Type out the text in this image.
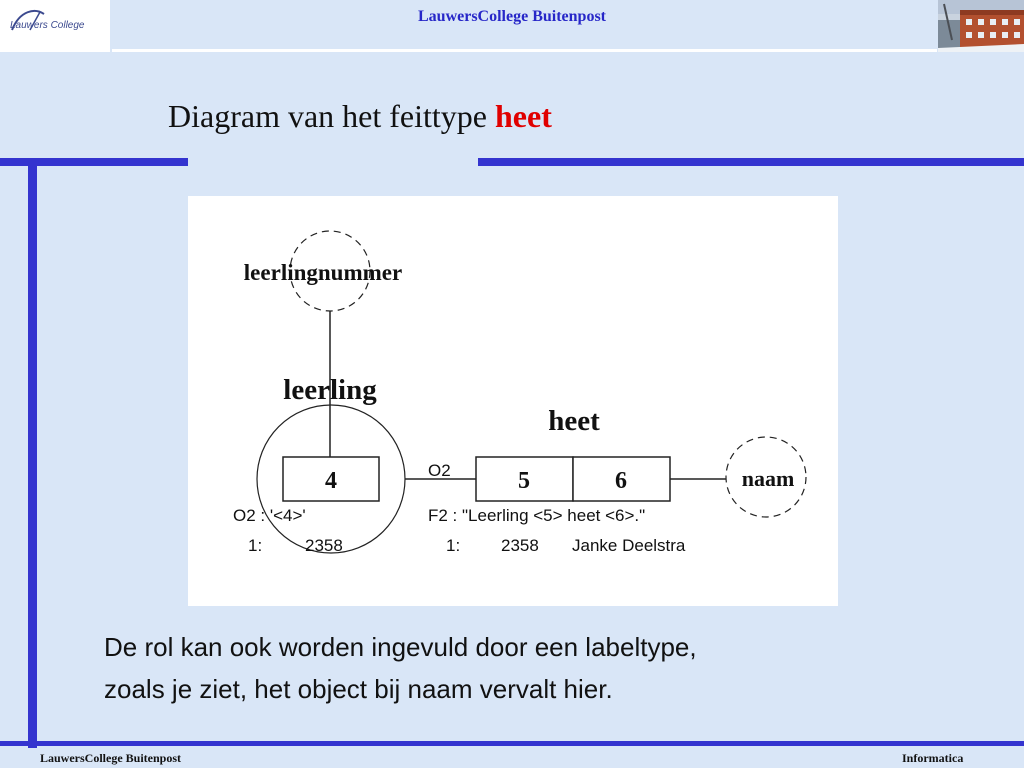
Lauwers College
LauwersCollege Buitenpost
Diagram van het feittype heet
leerlingnummer
leerling
4	O2
heet
5	6	naam
O2 : '<4>'
1:	2358
F2 : "Leerling <5> heet <6>."
1: 2358 Janke Deelstra
De rol kan ook worden ingevuld door een labeltype,
zoals je ziet, het object bij naam vervalt hier.
LauwersCollege Buitenpost	Informatica
